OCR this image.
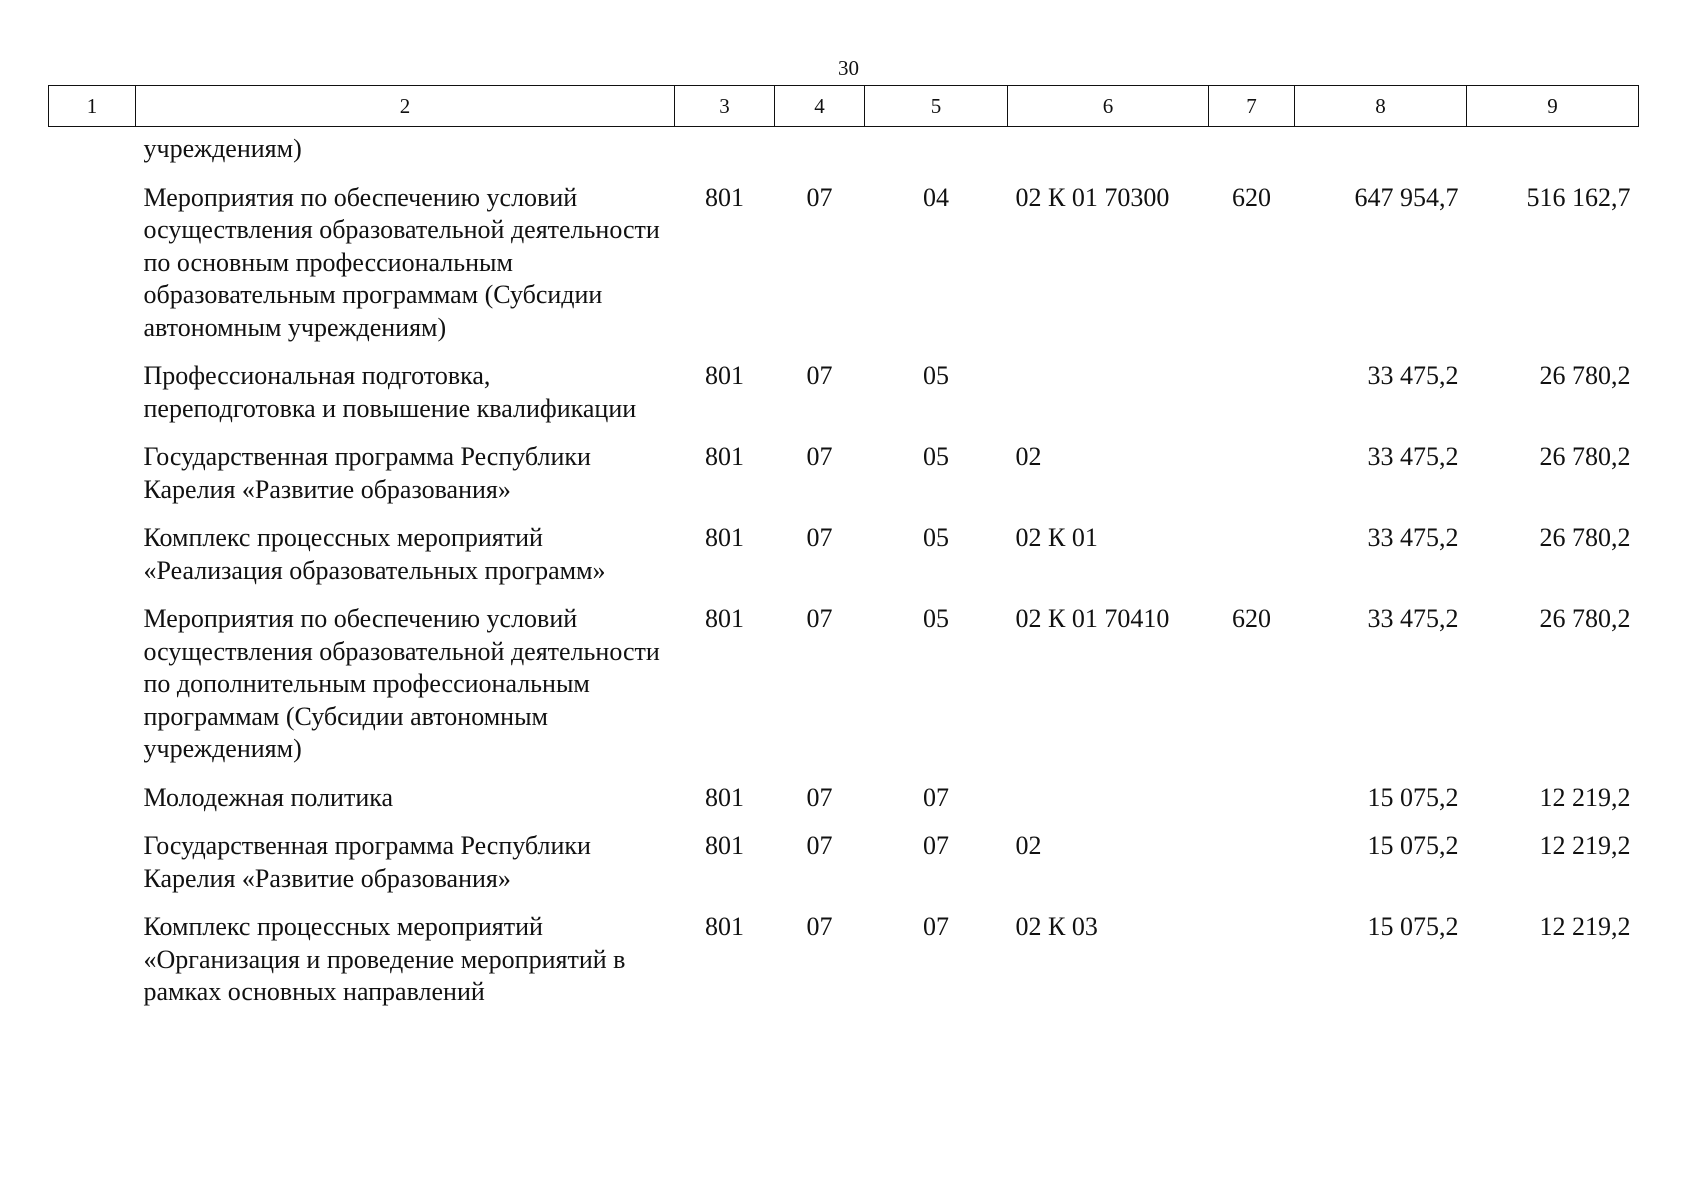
30
1	2	3	4	5	6	7	8	9
	учреждениям)							
	Мероприятия по обеспечению условий осуществления образовательной деятельности по основным профессиональным образовательным программам (Субсидии автономным учреждениям)	801	07	04	02 К 01 70300	620	647 954,7	516 162,7
	Профессиональная подготовка, переподготовка и повышение квалификации	801	07	05			33 475,2	26 780,2
	Государственная программа Республики Карелия «Развитие образования»	801	07	05	02		33 475,2	26 780,2
	Комплекс процессных мероприятий «Реализация образовательных программ»	801	07	05	02 К 01		33 475,2	26 780,2
	Мероприятия по обеспечению условий осуществления образовательной деятельности по дополнительным профессиональным программам (Субсидии автономным учреждениям)	801	07	05	02 К 01 70410	620	33 475,2	26 780,2
	Молодежная политика	801	07	07			15 075,2	12 219,2
	Государственная программа Республики Карелия «Развитие образования»	801	07	07	02		15 075,2	12 219,2
	Комплекс процессных мероприятий «Организация и проведение мероприятий в рамках основных направлений	801	07	07	02 К 03		15 075,2	12 219,2
